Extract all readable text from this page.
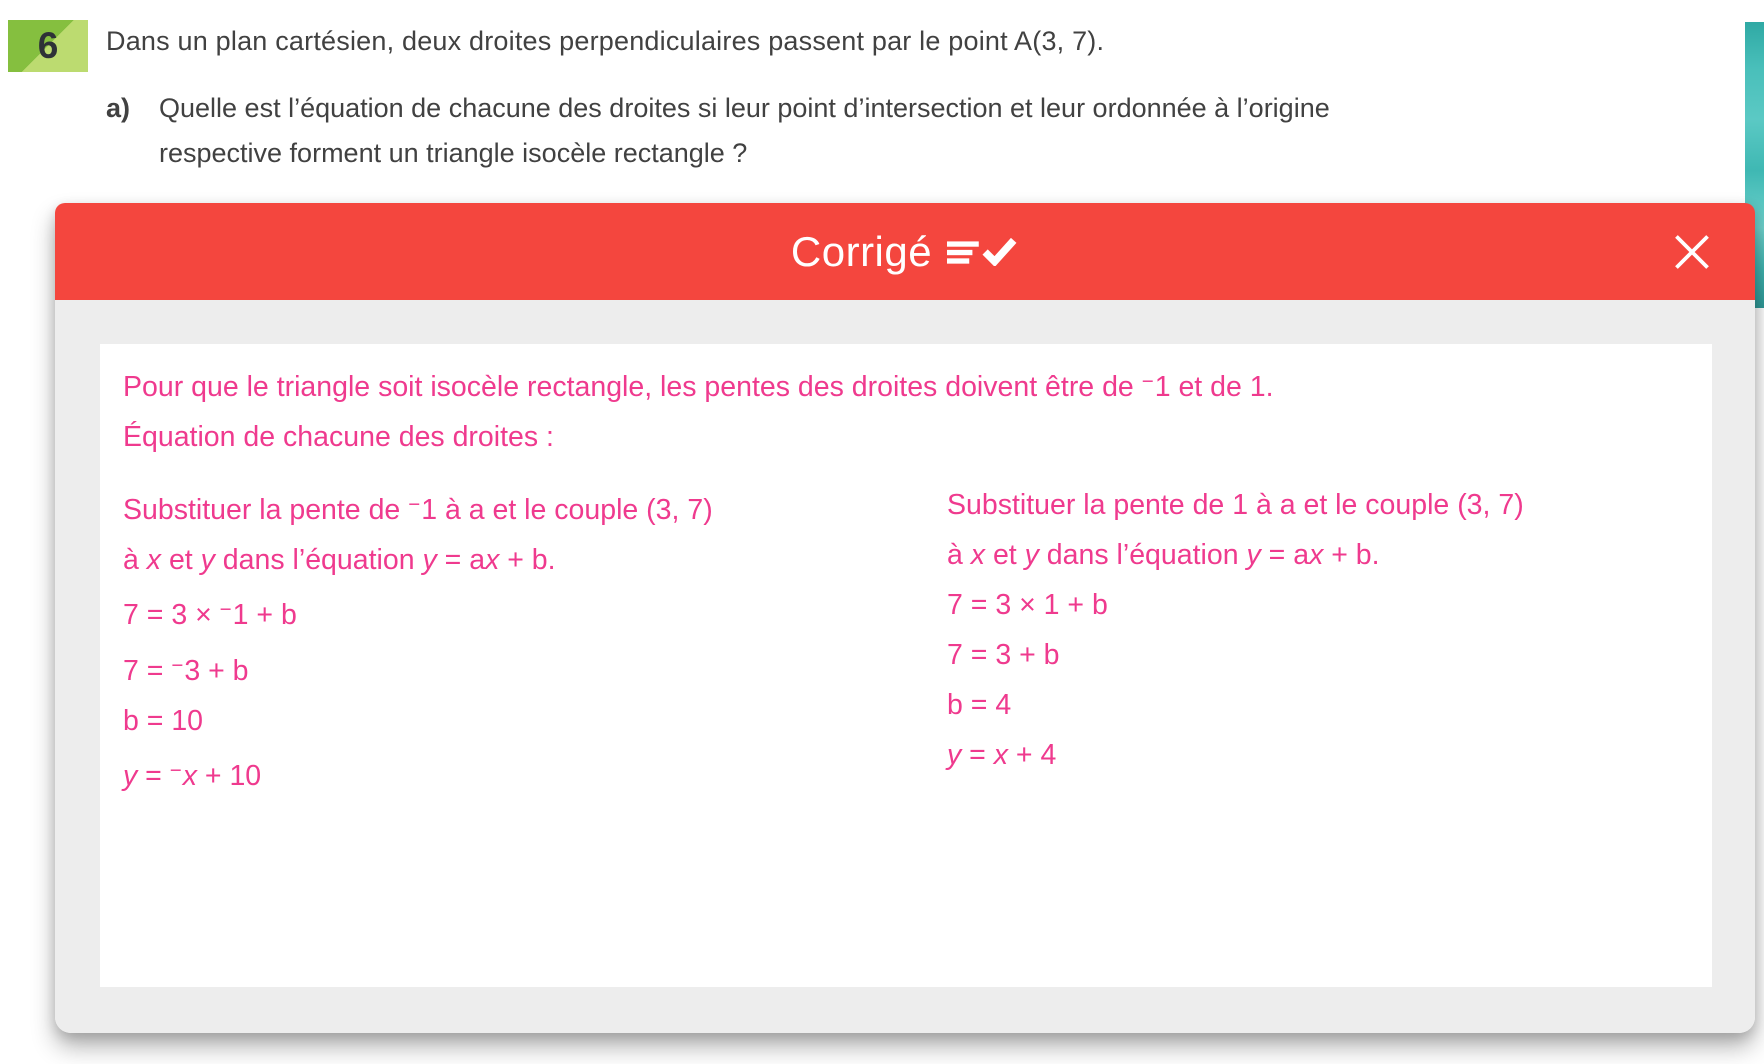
6 Dans un plan cartésien, deux droites perpendiculaires passent par le point A(3, 7).
a)	Quelle est l’équation de chacune des droites si leur point d’intersection et leur ordonnée à l’origine
respective forment un triangle isocèle rectangle ?
Corrigé
Pour que le triangle soit isocèle rectangle, les pentes des droites doivent être de −1 et de 1.
Équation de chacune des droites :
Substituer la pente de −1 à a et le couple (3, 7)
à x et y dans l’équation y = ax + b.
7 = 3 × −1 + b
7 = −3 + b
b = 10
y = −x + 10
Substituer la pente de 1 à a et le couple (3, 7)
à x et y dans l’équation y = ax + b.
7 = 3 × 1 + b
7 = 3 + b
b = 4
y = x + 4
